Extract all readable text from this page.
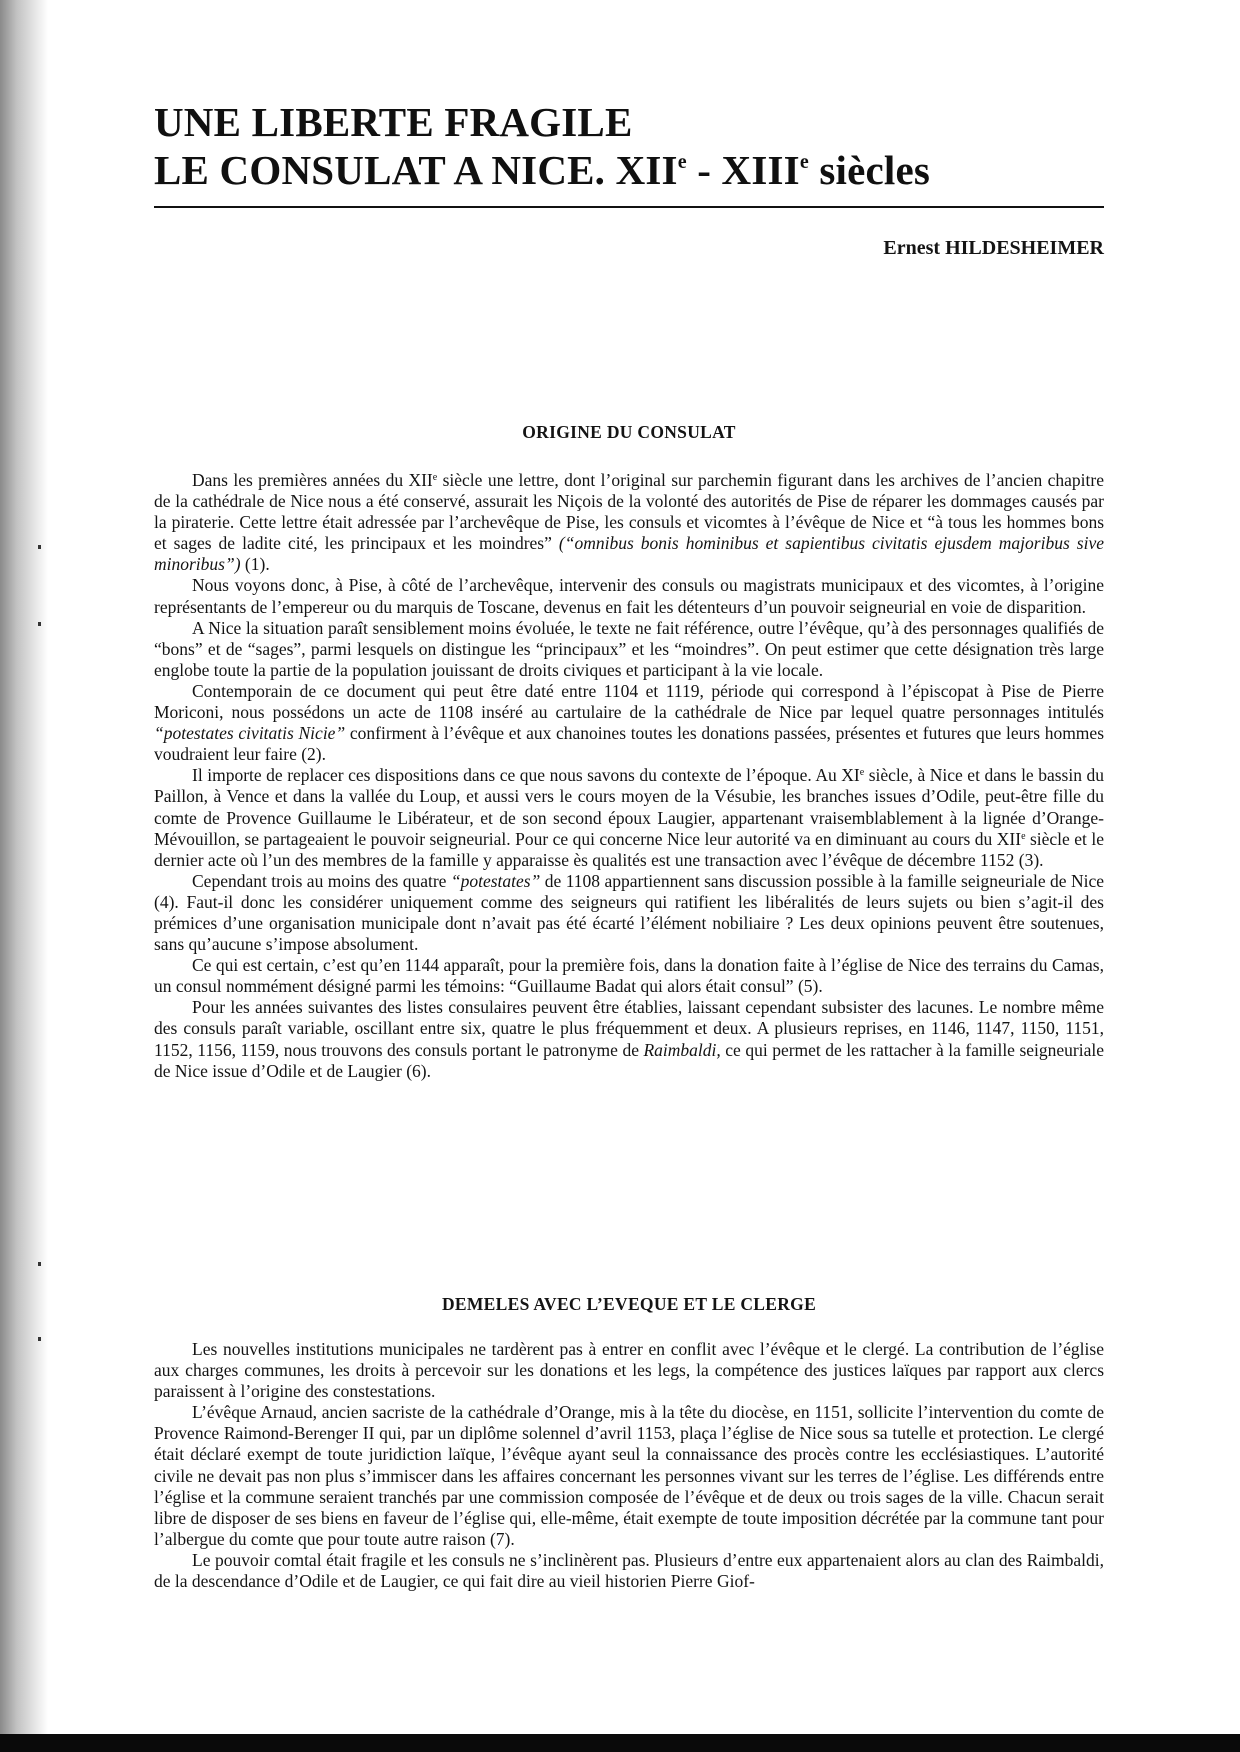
UNE LIBERTE FRAGILE
LE CONSULAT A NICE. XIIe - XIIIe siècles
Ernest HILDESHEIMER
ORIGINE DU CONSULAT

Dans les premières années du XIIe siècle une lettre, dont l’original sur parchemin figurant dans les archives de l’ancien chapitre de la cathédrale de Nice nous a été conservé, assurait les Niçois de la volonté des autorités de Pise de réparer les dommages causés par la piraterie. Cette lettre était adressée par l’archevêque de Pise, les consuls et vicomtes à l’évêque de Nice et “à tous les hommes bons et sages de ladite cité, les principaux et les moindres” (“omnibus bonis hominibus et sapientibus civitatis ejusdem majoribus sive minoribus”) (1).

Nous voyons donc, à Pise, à côté de l’archevêque, intervenir des consuls ou magistrats municipaux et des vicomtes, à l’origine représentants de l’empereur ou du marquis de Toscane, devenus en fait les détenteurs d’un pouvoir seigneurial en voie de disparition.

A Nice la situation paraît sensiblement moins évoluée, le texte ne fait référence, outre l’évêque, qu’à des personnages qualifiés de “bons” et de “sages”, parmi lesquels on distingue les “principaux” et les “moindres”. On peut estimer que cette désignation très large englobe toute la partie de la population jouissant de droits civiques et participant à la vie locale.

Contemporain de ce document qui peut être daté entre 1104 et 1119, période qui correspond à l’épiscopat à Pise de Pierre Moriconi, nous possédons un acte de 1108 inséré au cartulaire de la cathédrale de Nice par lequel quatre personnages intitulés “potestates civitatis Nicie” confirment à l’évêque et aux chanoines toutes les donations passées, présentes et futures que leurs hommes voudraient leur faire (2).

Il importe de replacer ces dispositions dans ce que nous savons du contexte de l’époque. Au XIe siècle, à Nice et dans le bassin du Paillon, à Vence et dans la vallée du Loup, et aussi vers le cours moyen de la Vésubie, les branches issues d’Odile, peut-être fille du comte de Provence Guillaume le Libérateur, et de son second époux Laugier, appartenant vraisemblablement à la lignée d’Orange-Mévouillon, se partageaient le pouvoir seigneurial. Pour ce qui concerne Nice leur autorité va en diminuant au cours du XIIe siècle et le dernier acte où l’un des membres de la famille y apparaisse ès qualités est une transaction avec l’évêque de décembre 1152 (3).

Cependant trois au moins des quatre “potestates” de 1108 appartiennent sans discussion possible à la famille seigneuriale de Nice (4). Faut-il donc les considérer uniquement comme des seigneurs qui ratifient les libéralités de leurs sujets ou bien s’agit-il des prémices d’une organisation municipale dont n’avait pas été écarté l’élément nobiliaire ? Les deux opinions peuvent être soutenues, sans qu’aucune s’impose absolument.

Ce qui est certain, c’est qu’en 1144 apparaît, pour la première fois, dans la donation faite à l’église de Nice des terrains du Camas, un consul nommément désigné parmi les témoins: “Guillaume Badat qui alors était consul” (5).

Pour les années suivantes des listes consulaires peuvent être établies, laissant cependant subsister des lacunes. Le nombre même des consuls paraît variable, oscillant entre six, quatre le plus fréquemment et deux. A plusieurs reprises, en 1146, 1147, 1150, 1151, 1152, 1156, 1159, nous trouvons des consuls portant le patronyme de Raimbaldi, ce qui permet de les rattacher à la famille seigneuriale de Nice issue d’Odile et de Laugier (6).

DEMELES AVEC L’EVEQUE ET LE CLERGE

Les nouvelles institutions municipales ne tardèrent pas à entrer en conflit avec l’évêque et le clergé. La contribution de l’église aux charges communes, les droits à percevoir sur les donations et les legs, la compétence des justices laïques par rapport aux clercs paraissent à l’origine des constestations.

L’évêque Arnaud, ancien sacriste de la cathédrale d’Orange, mis à la tête du diocèse, en 1151, sollicite l’intervention du comte de Provence Raimond-Berenger II qui, par un diplôme solennel d’avril 1153, plaça l’église de Nice sous sa tutelle et protection. Le clergé était déclaré exempt de toute juridiction laïque, l’évêque ayant seul la connaissance des procès contre les ecclésiastiques. L’autorité civile ne devait pas non plus s’immiscer dans les affaires concernant les personnes vivant sur les terres de l’église. Les différends entre l’église et la commune seraient tranchés par une commission composée de l’évêque et de deux ou trois sages de la ville. Chacun serait libre de disposer de ses biens en faveur de l’église qui, elle-même, était exempte de toute imposition décrétée par la commune tant pour l’albergue du comte que pour toute autre raison (7).

Le pouvoir comtal était fragile et les consuls ne s’inclinèrent pas. Plusieurs d’entre eux appartenaient alors au clan des Raimbaldi, de la descendance d’Odile et de Laugier, ce qui fait dire au vieil historien Pierre Giof-
